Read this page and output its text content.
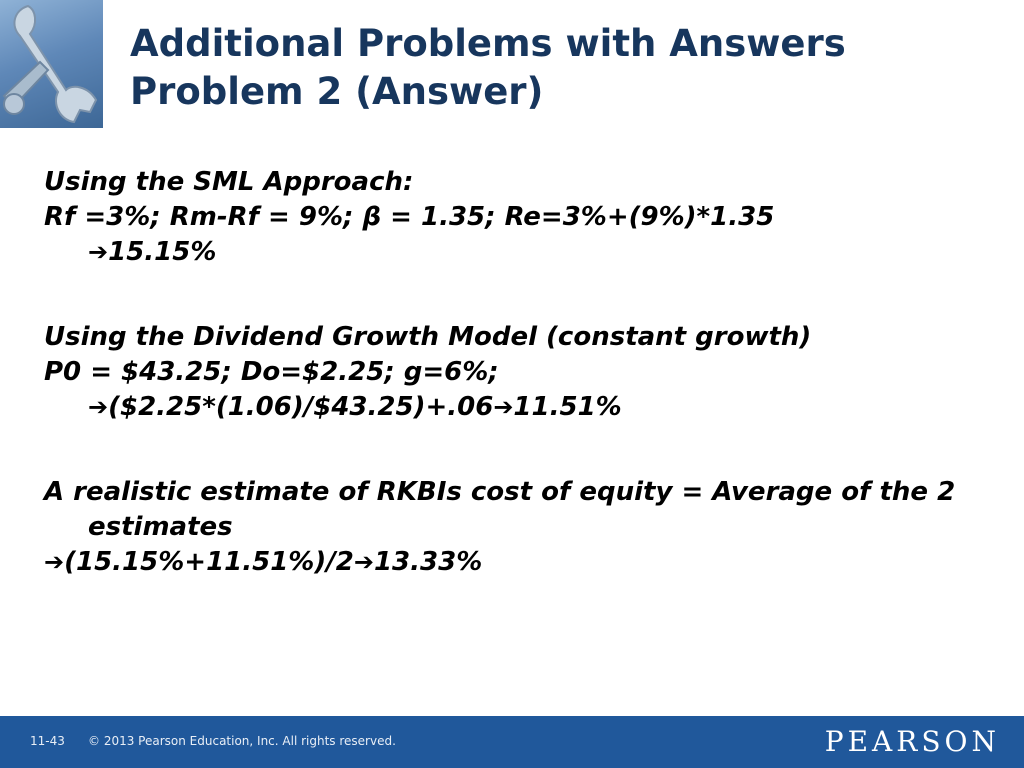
Additional Problems with Answers
Problem 2 (Answer)

Using the SML Approach:

Rf =3%; Rm-Rf = 9%; β = 1.35; Re=3%+(9%)*1.35
➔15.15%

Using the Dividend Growth Model (constant growth)

P0 = $43.25; Do=$2.25; g=6%;
➔($2.25*(1.06)/$43.25)+.06➔11.51%

A realistic estimate of RKBIs cost of equity = Average of the 2 estimates

➔(15.15%+11.51%)/2➔13.33%

11-43 © 2013 Pearson Education, Inc. All rights reserved.	PEARSON
